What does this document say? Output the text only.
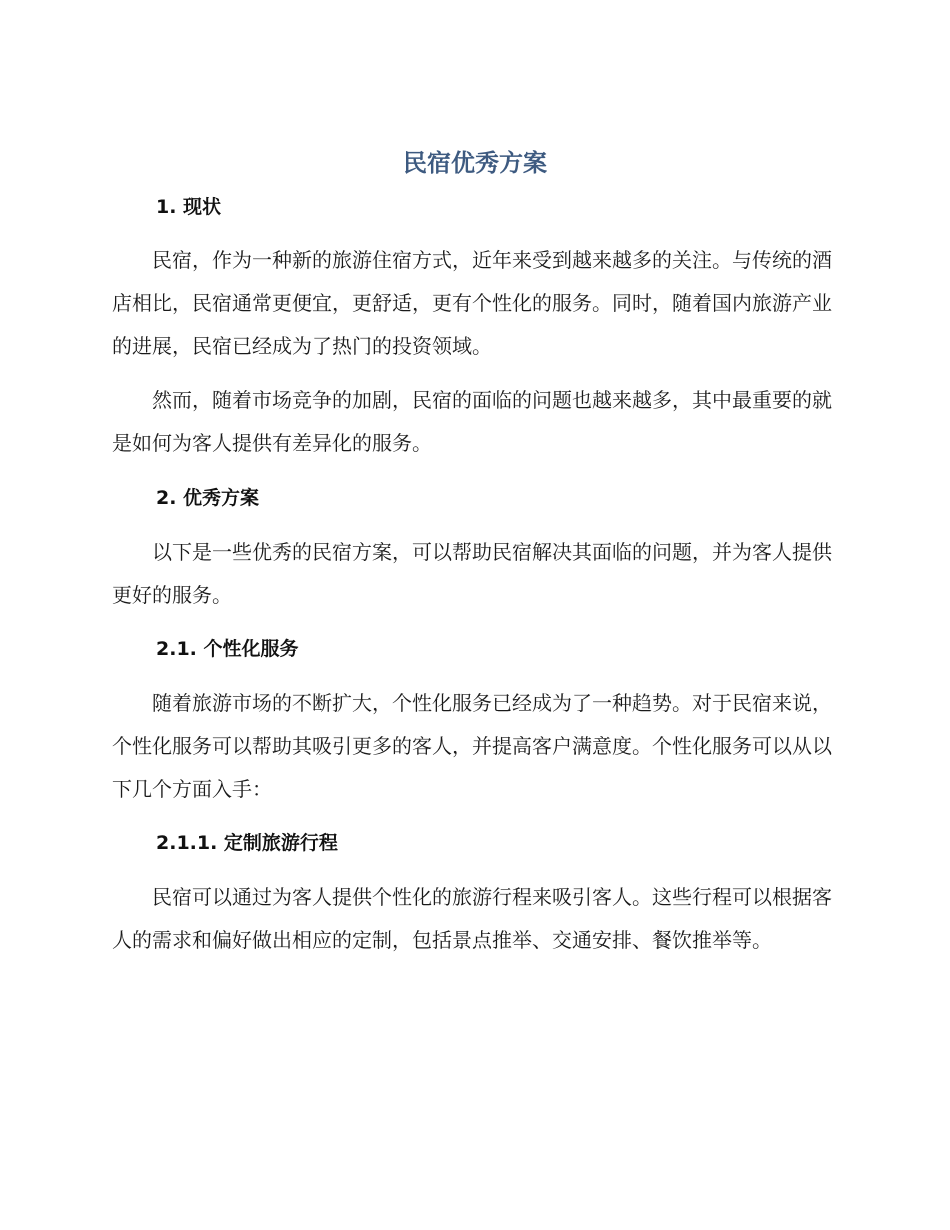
民宿优秀方案
1. 现状
民宿，作为一种新的旅游住宿方式，近年来受到越来越多的关注。与传统的酒店相比，民宿通常更便宜，更舒适，更有个性化的服务。同时，随着国内旅游产业的进展，民宿已经成为了热门的投资领域。
然而，随着市场竞争的加剧，民宿的面临的问题也越来越多，其中最重要的就是如何为客人提供有差异化的服务。
2. 优秀方案
以下是一些优秀的民宿方案，可以帮助民宿解决其面临的问题，并为客人提供更好的服务。
2.1. 个性化服务
随着旅游市场的不断扩大，个性化服务已经成为了一种趋势。对于民宿来说，个性化服务可以帮助其吸引更多的客人，并提高客户满意度。个性化服务可以从以下几个方面入手：
2.1.1. 定制旅游行程
民宿可以通过为客人提供个性化的旅游行程来吸引客人。这些行程可以根据客人的需求和偏好做出相应的定制，包括景点推举、交通安排、餐饮推举等。
